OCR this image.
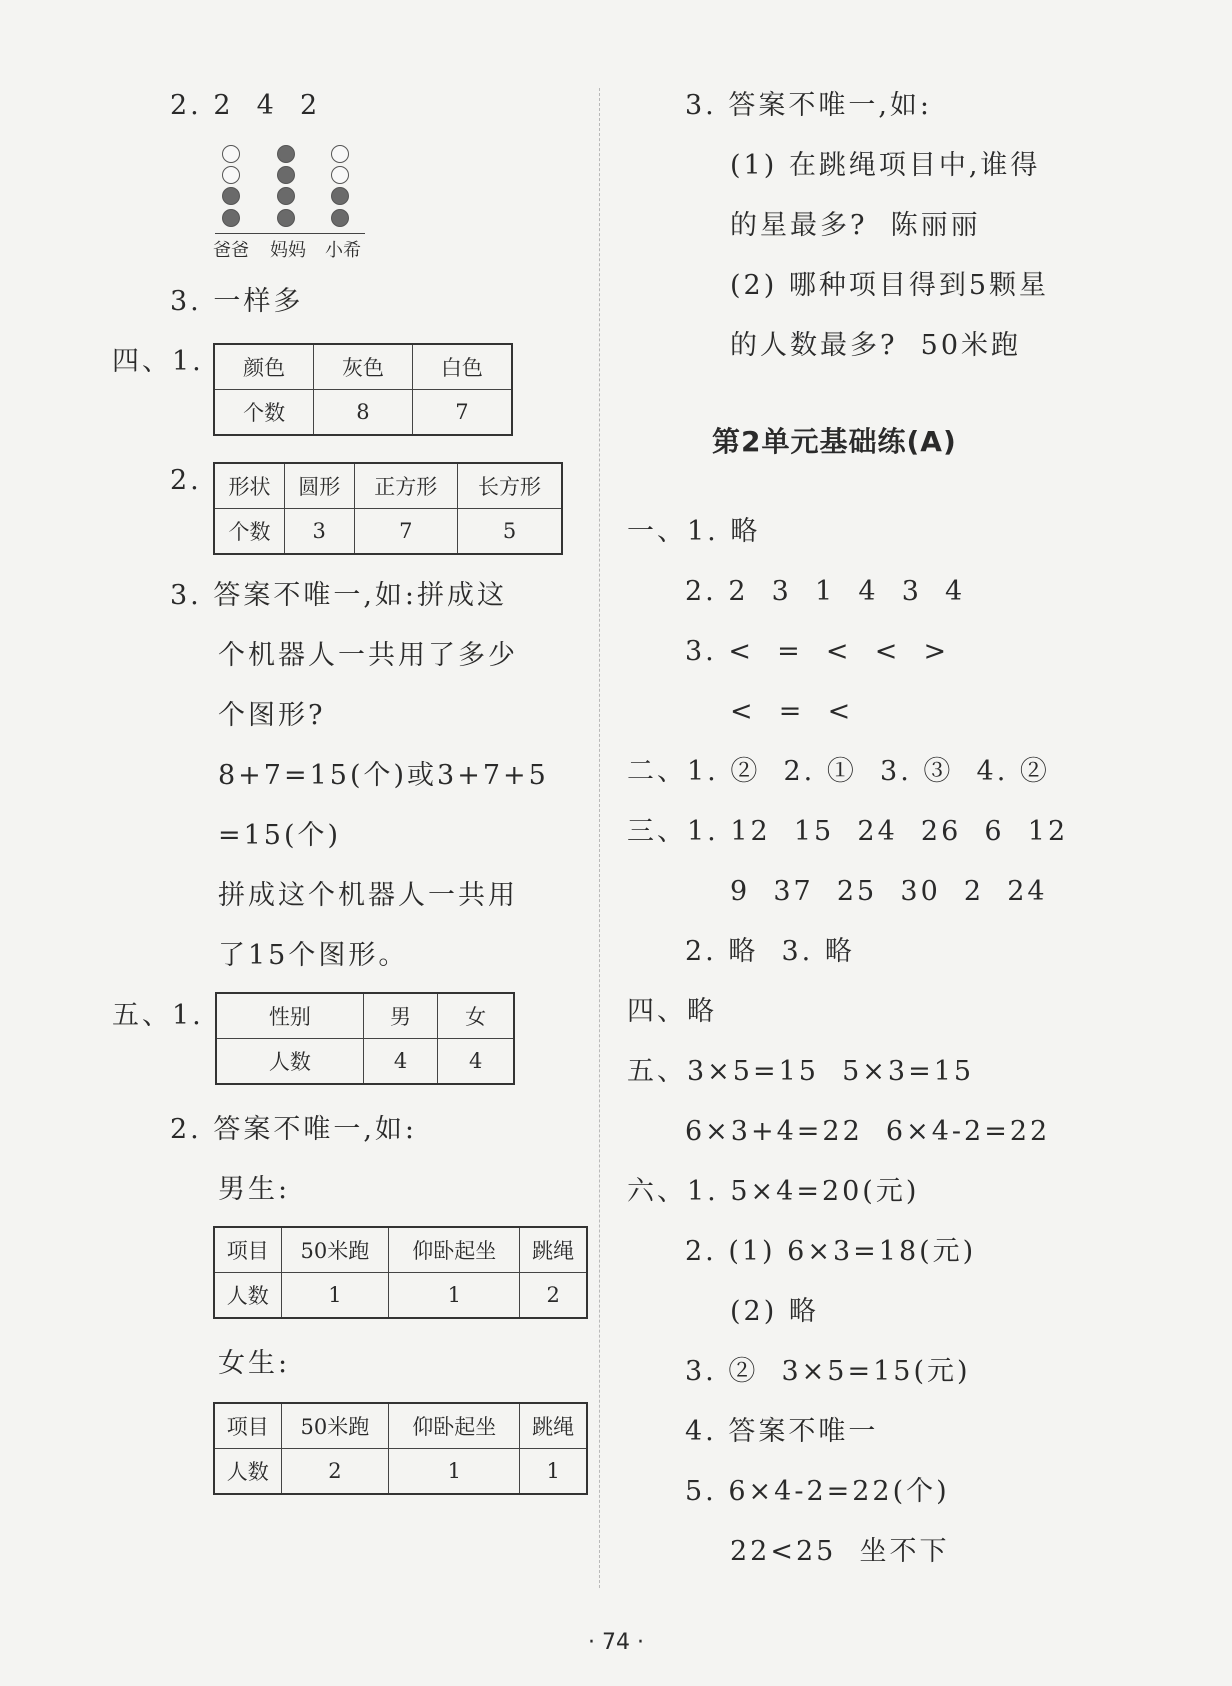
2. 2  4  2
爸爸 妈妈 小希
3. 一样多
四、1. 颜色	灰色	白色
个数	8	7
2. 形状	圆形	正方形	长方形
个数	3	7	5
3. 答案不唯一,如:拼成这
个机器人一共用了多少
个图形?
8+7=15(个)或3+7+5
=15(个)
拼成这个机器人一共用
了15个图形。
五、1.	性别	男	女
人数	4	4
2. 答案不唯一,如:
男生:
项目	50米跑	仰卧起坐	跳绳
人数	1	1	2
女生:
项目	50米跑	仰卧起坐	跳绳
人数	2	1	1
3. 答案不唯一,如:
(1) 在跳绳项目中,谁得
的星最多?  陈丽丽
(2) 哪种项目得到5颗星
的人数最多?  50米跑
第2单元基础练(A)
一、1. 略
2. 2  3  1  4  3  4
3. <  =  <  <  >
<  =  <
二、1. ②  2. ①  3. ③  4. ②
三、1. 12  15  24  26  6  12
9  37  25  30  2  24
2. 略  3. 略
四、略
五、3×5=15  5×3=15
6×3+4=22  6×4-2=22
六、1. 5×4=20(元)
2. (1) 6×3=18(元)
(2) 略
3. ②  3×5=15(元)
4. 答案不唯一
5. 6×4-2=22(个)
22<25  坐不下
· 74 ·
